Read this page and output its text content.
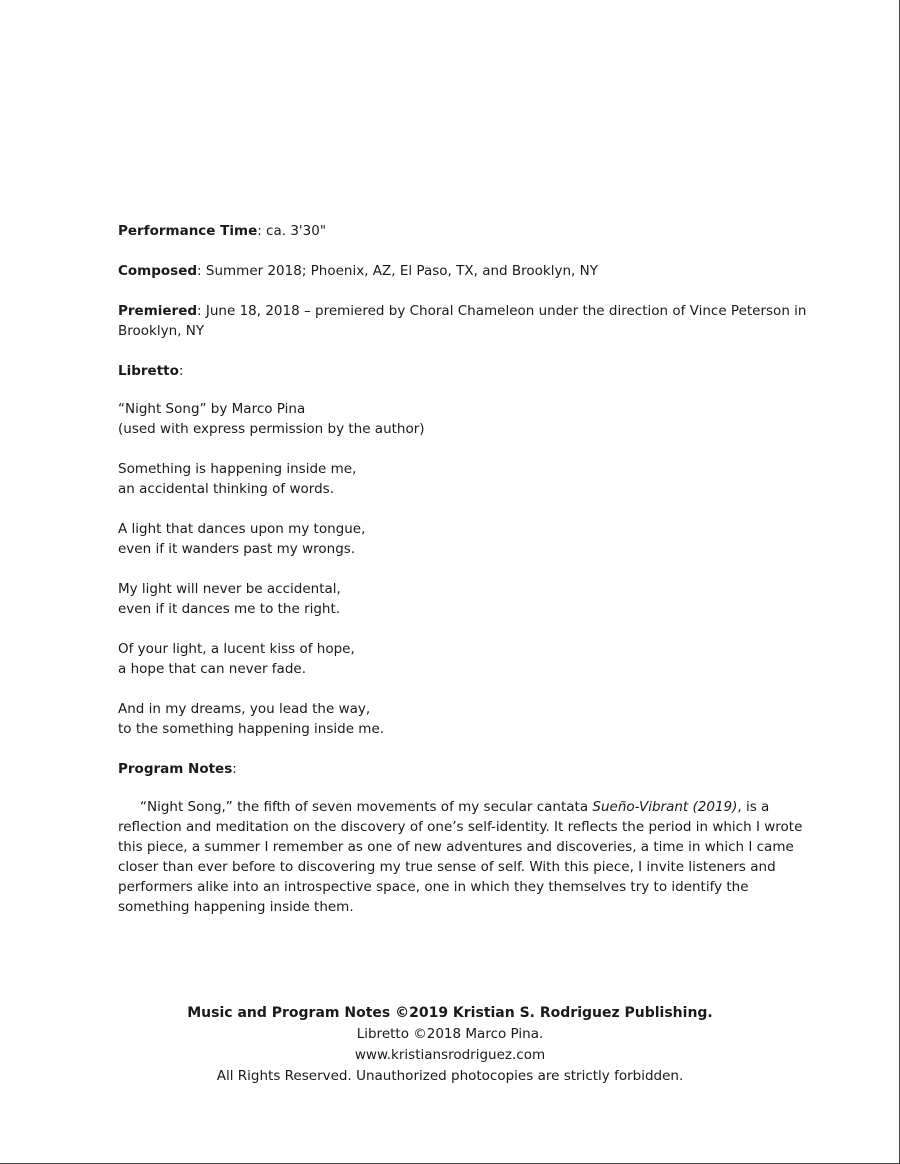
Performance Time: ca. 3'30"
Composed: Summer 2018; Phoenix, AZ, El Paso, TX, and Brooklyn, NY
Premiered: June 18, 2018 – premiered by Choral Chameleon under the direction of Vince Peterson in Brooklyn, NY
Libretto:
“Night Song” by Marco Pina
(used with express permission by the author)
Something is happening inside me,
an accidental thinking of words.
A light that dances upon my tongue,
even if it wanders past my wrongs.
My light will never be accidental,
even if it dances me to the right.
Of your light, a lucent kiss of hope,
a hope that can never fade.
And in my dreams, you lead the way,
to the something happening inside me.
Program Notes:

“Night Song,” the fifth of seven movements of my secular cantata Sueño-Vibrant (2019), is a reflection and meditation on the discovery of one’s self-identity. It reflects the period in which I wrote this piece, a summer I remember as one of new adventures and discoveries, a time in which I came closer than ever before to discovering my true sense of self. With this piece, I invite listeners and performers alike into an introspective space, one in which they themselves try to identify the something happening inside them.

Music and Program Notes ©2019 Kristian S. Rodriguez Publishing.
Libretto ©2018 Marco Pina.
www.kristiansrodriguez.com
All Rights Reserved. Unauthorized photocopies are strictly forbidden.
